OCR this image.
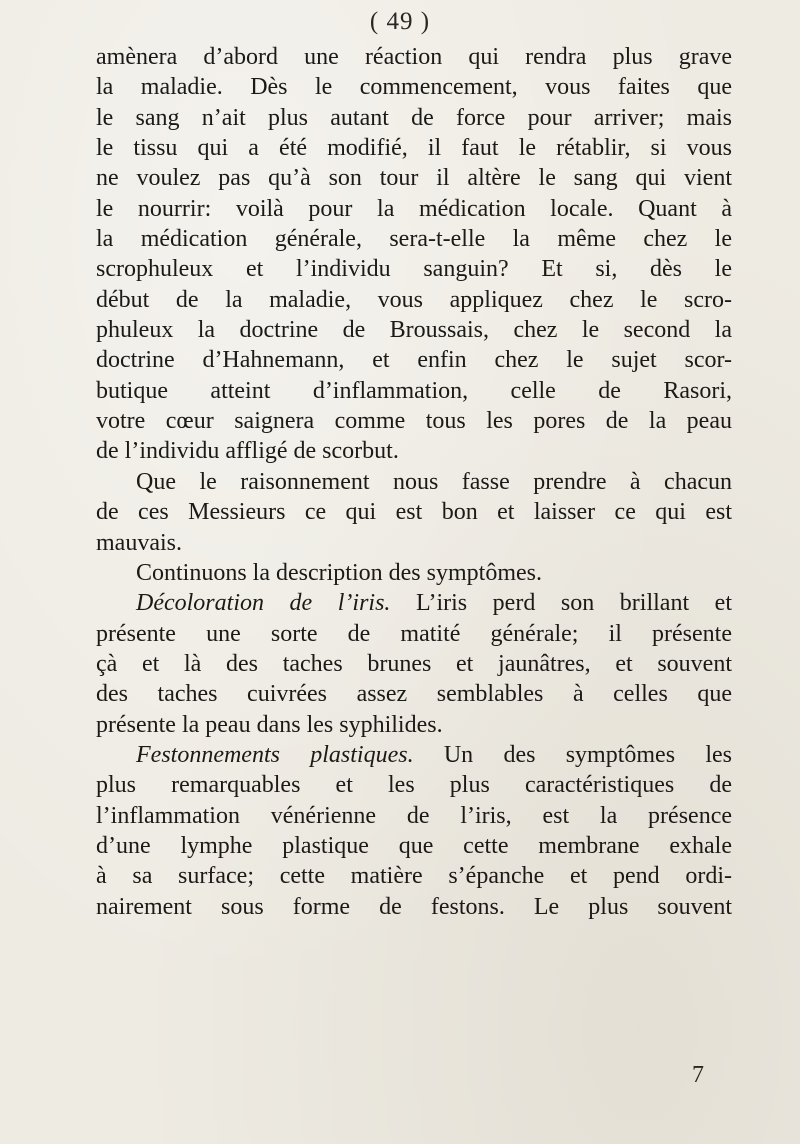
( 49 )
amènera d’abord une réaction qui rendra plus grave
la maladie. Dès le commencement, vous faites que
le sang n’ait plus autant de force pour arriver; mais
le tissu qui a été modifié, il faut le rétablir, si vous
ne voulez pas qu’à son tour il altère le sang qui vient
le nourrir: voilà pour la médication locale. Quant à
la médication générale, sera-t-elle la même chez le
scrophuleux et l’individu sanguin? Et si, dès le
début de la maladie, vous appliquez chez le scro-
phuleux la doctrine de Broussais, chez le second la
doctrine d’Hahnemann, et enfin chez le sujet scor-
butique atteint d’inflammation, celle de Rasori,
votre cœur saignera comme tous les pores de la peau
de l’individu affligé de scorbut.
Que le raisonnement nous fasse prendre à chacun
de ces Messieurs ce qui est bon et laisser ce qui est
mauvais.
Continuons la description des symptômes.
Décoloration de l’iris. L’iris perd son brillant et
présente une sorte de matité générale; il présente
çà et là des taches brunes et jaunâtres, et souvent
des taches cuivrées assez semblables à celles que
présente la peau dans les syphilides.
Festonnements plastiques. Un des symptômes les
plus remarquables et les plus caractéristiques de
l’inflammation vénérienne de l’iris, est la présence
d’une lymphe plastique que cette membrane exhale
à sa surface; cette matière s’épanche et pend ordi-
nairement sous forme de festons. Le plus souvent
7
